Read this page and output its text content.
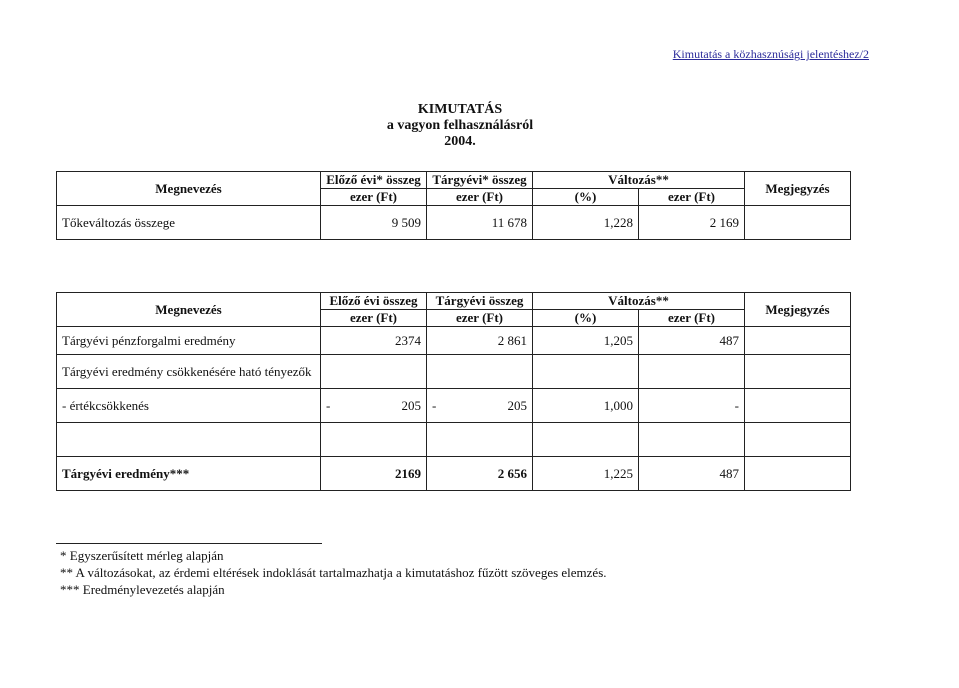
Kimutatás a közhasznúsági jelentéshez/2
KIMUTATÁS
a vagyon felhasználásról
2004.
Megnevezés	Előző évi* összeg	Tárgyévi* összeg	Változás**		Megjegyzés
	ezer (Ft)	ezer (Ft)	(%)	ezer (Ft)	
Tőkeváltozás összege	9 509	11 678	1,228	2 169	
Megnevezés	Előző évi összeg	Tárgyévi összeg	Változás**		Megjegyzés
	ezer (Ft)	ezer (Ft)	(%)	ezer (Ft)	
Tárgyévi pénzforgalmi eredmény	2374	2 861	1,205	487	
Tárgyévi eredmény csökkenésére ható tényezők					
- értékcsökkenés	- 205	- 205	1,000	-	

Tárgyévi eredmény***	2169	2 656	1,225	487	
* Egyszerűsített mérleg alapján
** A változásokat, az érdemi eltérések indoklását tartalmazhatja a kimutatáshoz fűzött szöveges elemzés.
*** Eredménylevezetés alapján
